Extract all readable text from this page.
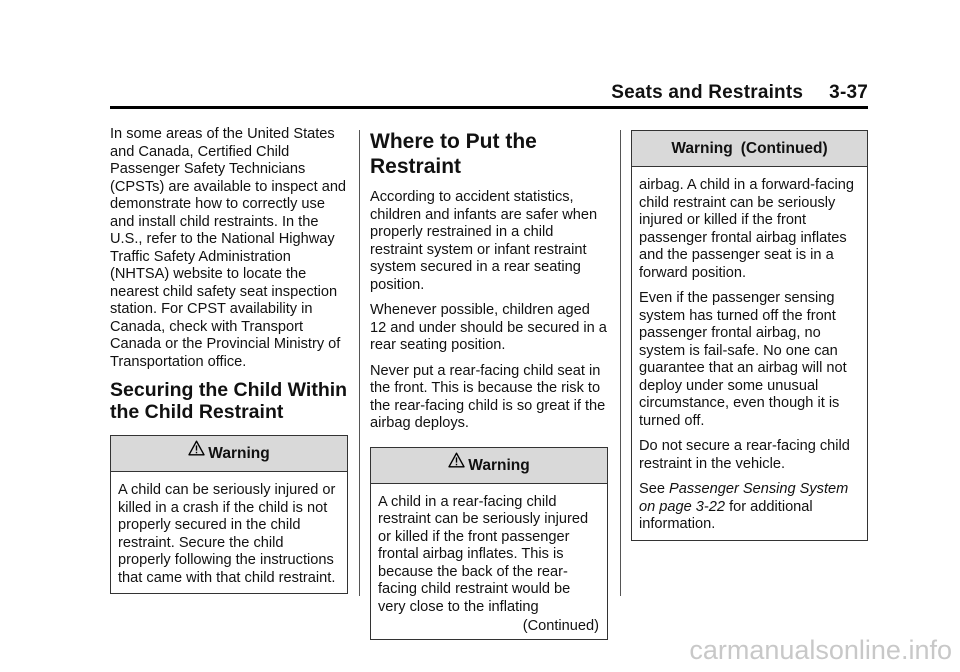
Seats and Restraints 3-37

In some areas of the United States and Canada, Certified Child Passenger Safety Technicians (CPSTs) are available to inspect and demonstrate how to correctly use and install child restraints. In the U.S., refer to the National Highway Traffic Safety Administration (NHTSA) website to locate the nearest child safety seat inspection station. For CPST availability in Canada, check with Transport Canada or the Provincial Ministry of Transportation office.

Securing the Child Within the Child Restraint
Warning

A child can be seriously injured or killed in a crash if the child is not properly secured in the child restraint. Secure the child properly following the instructions that came with that child restraint.

Where to Put the Restraint

According to accident statistics, children and infants are safer when properly restrained in a child restraint system or infant restraint system secured in a rear seating position.

Whenever possible, children aged 12 and under should be secured in a rear seating position.

Never put a rear-facing child seat in the front. This is because the risk to the rear-facing child is so great if the airbag deploys.

Warning

A child in a rear-facing child restraint can be seriously injured or killed if the front passenger frontal airbag inflates. This is because the back of the rear-facing child restraint would be very close to the inflating

(Continued)
Warning (Continued)

airbag. A child in a forward-facing child restraint can be seriously injured or killed if the front passenger frontal airbag inflates and the passenger seat is in a forward position.

Even if the passenger sensing system has turned off the front passenger frontal airbag, no system is fail-safe. No one can guarantee that an airbag will not deploy under some unusual circumstance, even though it is turned off.

Do not secure a rear-facing child restraint in the vehicle.

See Passenger Sensing System on page 3-22 for additional information.

carmanualsonline.info
